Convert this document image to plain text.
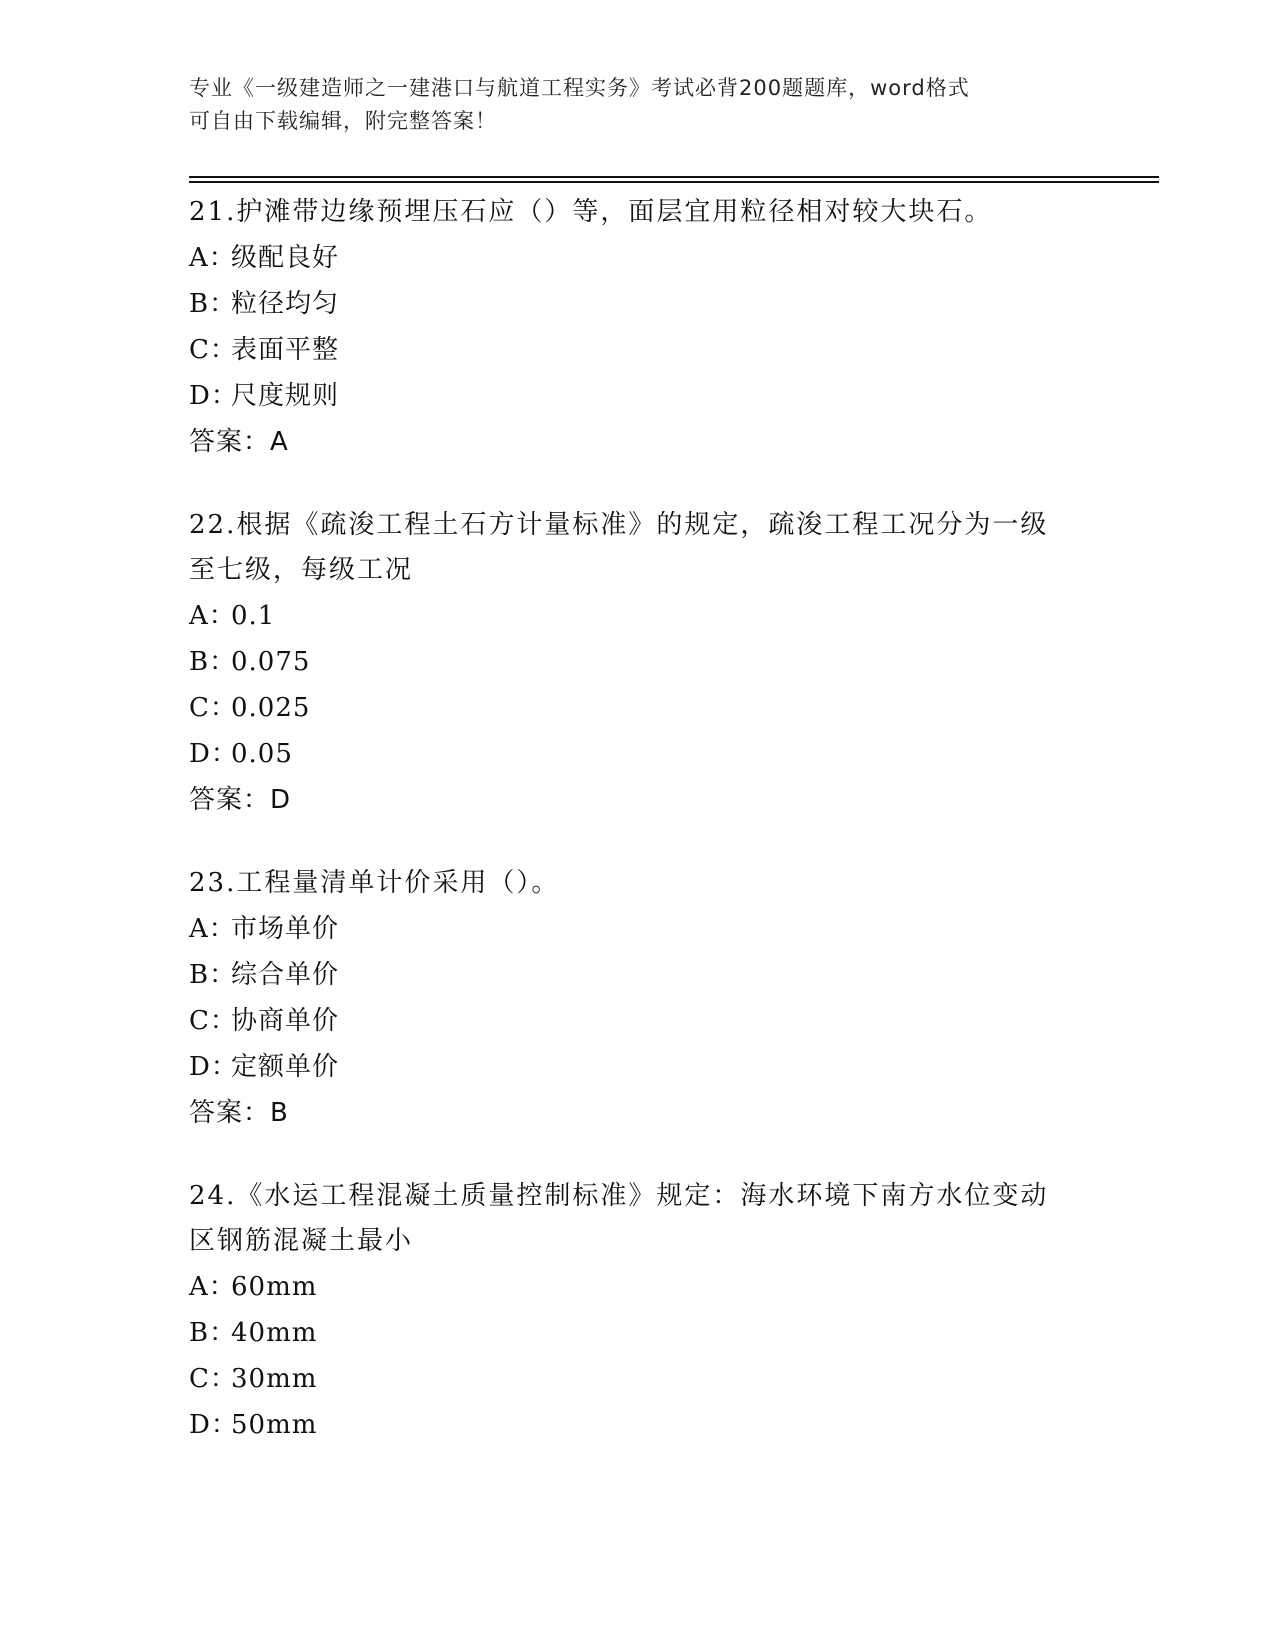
专业《一级建造师之一建港口与航道工程实务》考试必背200题题库，word格式
可自由下载编辑，附完整答案！
21.护滩带边缘预埋压石应（）等，面层宜用粒径相对较大块石。
A：级配良好
B：粒径均匀
C：表面平整
D：尺度规则
答案：A
22.根据《疏浚工程土石方计量标准》的规定，疏浚工程工况分为一级
至七级，每级工况
A：0.1
B：0.075
C：0.025
D：0.05
答案：D
23.工程量清单计价采用（）。
A：市场单价
B：综合单价
C：协商单价
D：定额单价
答案：B
24.《水运工程混凝土质量控制标准》规定：海水环境下南方水位变动
区钢筋混凝土最小
A：60mm
B：40mm
C：30mm
D：50mm
